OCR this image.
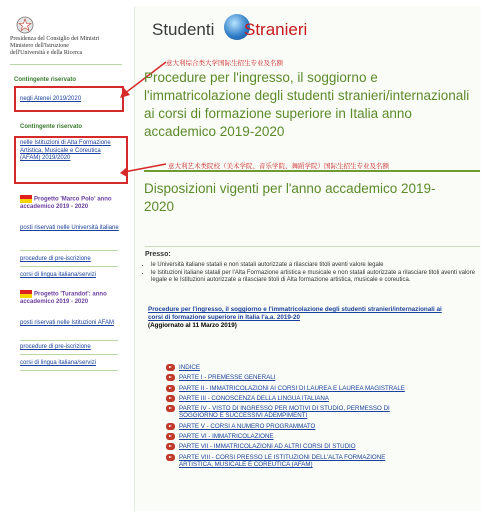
Presidenza del Consiglio dei Ministri
Ministero dell'Istruzione
dell'Università e della Ricerca
Contingente riservato
negli Atenei 2019/2020
Contingente riservato
nelle Istituzioni di Alta Formazione Artistica, Musicale e Coreutica (AFAM) 2019/2020
Progetto 'Marco Polo' anno accademico 2019 - 2020
posti riservati nelle Università italiane
procedure di pre-iscrizione
corsi di lingua italiana/servizi
Progetto 'Turandot': anno accademico 2019 - 2020
posti riservati nelle Istituzioni AFAM
procedure di pre-iscrizione
corsi di lingua italiana/servizi
Studenti Stranieri
意大利综合类大学国际生招生专业及名额
Procedure per l'ingresso, il soggiorno e l'immatricolazione degli studenti stranieri/internazionali ai corsi di formazione superiore in Italia anno accademico 2019-2020
意大利艺术类院校（美术学院、音乐学院、舞蹈学院）国际生招生专业及名额
Disposizioni vigenti per l'anno accademico 2019-2020
Presso:
• le Università italiane statali e non statali autorizzate a rilasciare titoli aventi valore legale
• le Istituzioni italiane statali per l'Alta Formazione artistica e musicale e non statali autorizzate a rilasciare titoli aventi valore legale e le Istituzioni autorizzate a rilasciare titoli di Alta formazione artistica, musicale e coreutica.
Procedure per l'ingresso, il soggiorno e l'immatricolazione degli studenti stranieri/internazionali ai corsi di formazione superiore in Italia l'a.a. 2019-20
(Aggiornato al 11 Marzo 2019)
INDICE
PARTE I - PREMESSE GENERALI
PARTE II - IMMATRICOLAZIONI AI CORSI DI LAUREA E LAUREA MAGISTRALE
PARTE III - CONOSCENZA DELLA LINGUA ITALIANA
PARTE IV - VISTO DI INGRESSO PER MOTIVI DI STUDIO, PERMESSO DI SOGGIORNO E SUCCESSIVI ADEMPIMENTI
PARTE V - CORSI A NUMERO PROGRAMMATO
PARTE VI - IMMATRICOLAZIONE
PARTE VII - IMMATRICOLAZIONI AD ALTRI CORSI DI STUDIO
PARTE VIII - CORSI PRESSO LE ISTITUZIONI DELL'ALTA FORMAZIONE ARTISTICA, MUSICALE E COREUTICA (AFAM)
